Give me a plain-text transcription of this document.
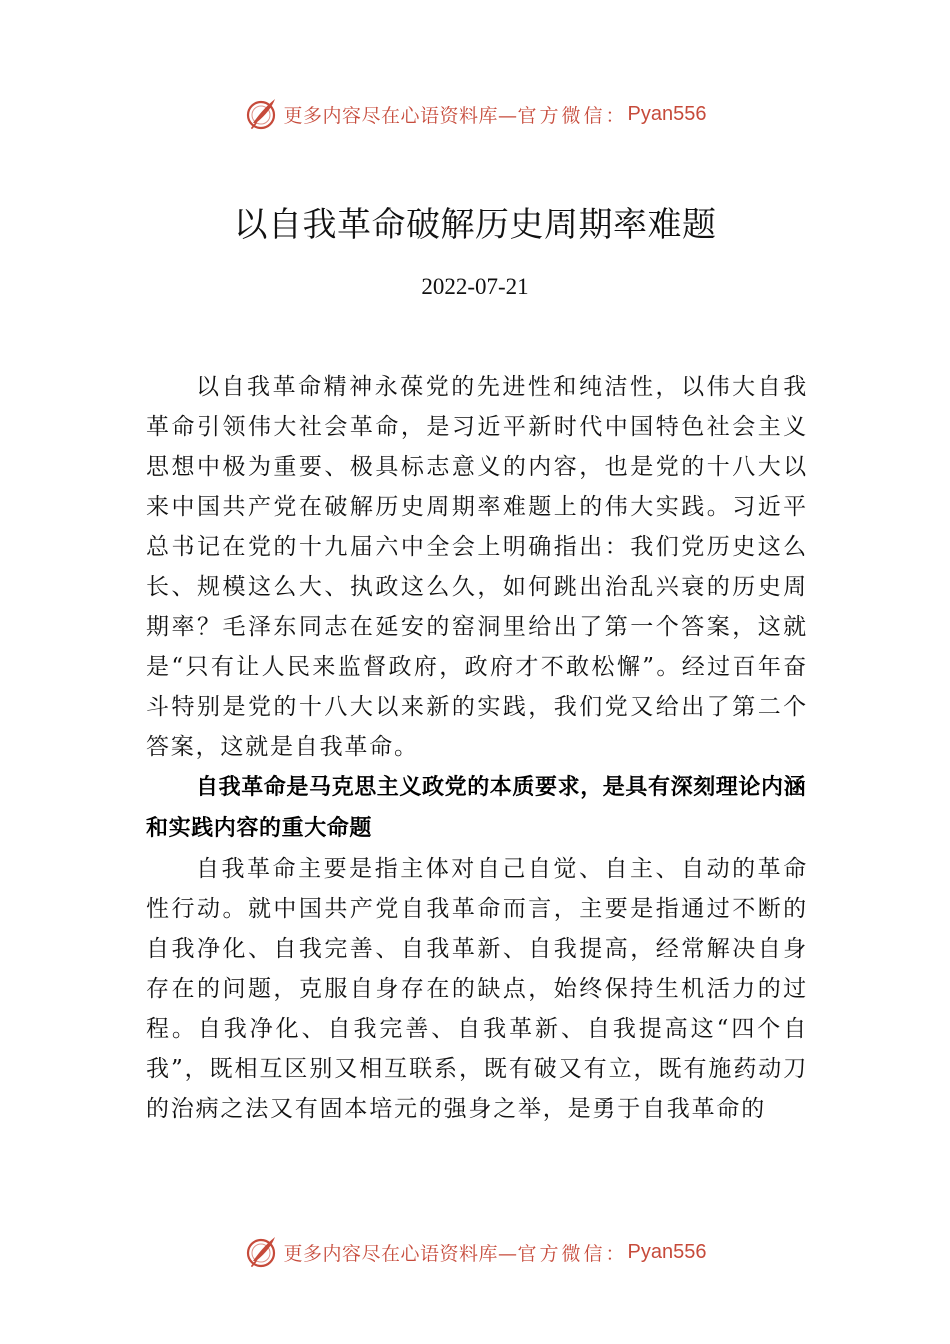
更多内容尽在心语资料库— 官方微信： Pyan556
以自我革命破解历史周期率难题
2022-07-21

以自我革命精神永葆党的先进性和纯洁性，以伟大自我革命引领伟大社会革命，是习近平新时代中国特色社会主义思想中极为重要、极具标志意义的内容，也是党的十八大以来中国共产党在破解历史周期率难题上的伟大实践。习近平总书记在党的十九届六中全会上明确指出：我们党历史这么长、规模这么大、执政这么久，如何跳出治乱兴衰的历史周期率？毛泽东同志在延安的窑洞里给出了第一个答案，这就是“只有让人民来监督政府，政府才不敢松懈”。经过百年奋斗特别是党的十八大以来新的实践，我们党又给出了第二个答案，这就是自我革命。

自我革命是马克思主义政党的本质要求，是具有深刻理论内涵和实践内容的重大命题

自我革命主要是指主体对自己自觉、自主、自动的革命性行动。就中国共产党自我革命而言，主要是指通过不断的自我净化、自我完善、自我革新、自我提高，经常解决自身存在的问题，克服自身存在的缺点，始终保持生机活力的过程。自我净化、自我完善、自我革新、自我提高这“四个自我”，既相互区别又相互联系，既有破又有立，既有施药动刀的治病之法又有固本培元的强身之举，是勇于自我革命的

更多内容尽在心语资料库— 官方微信： Pyan556
